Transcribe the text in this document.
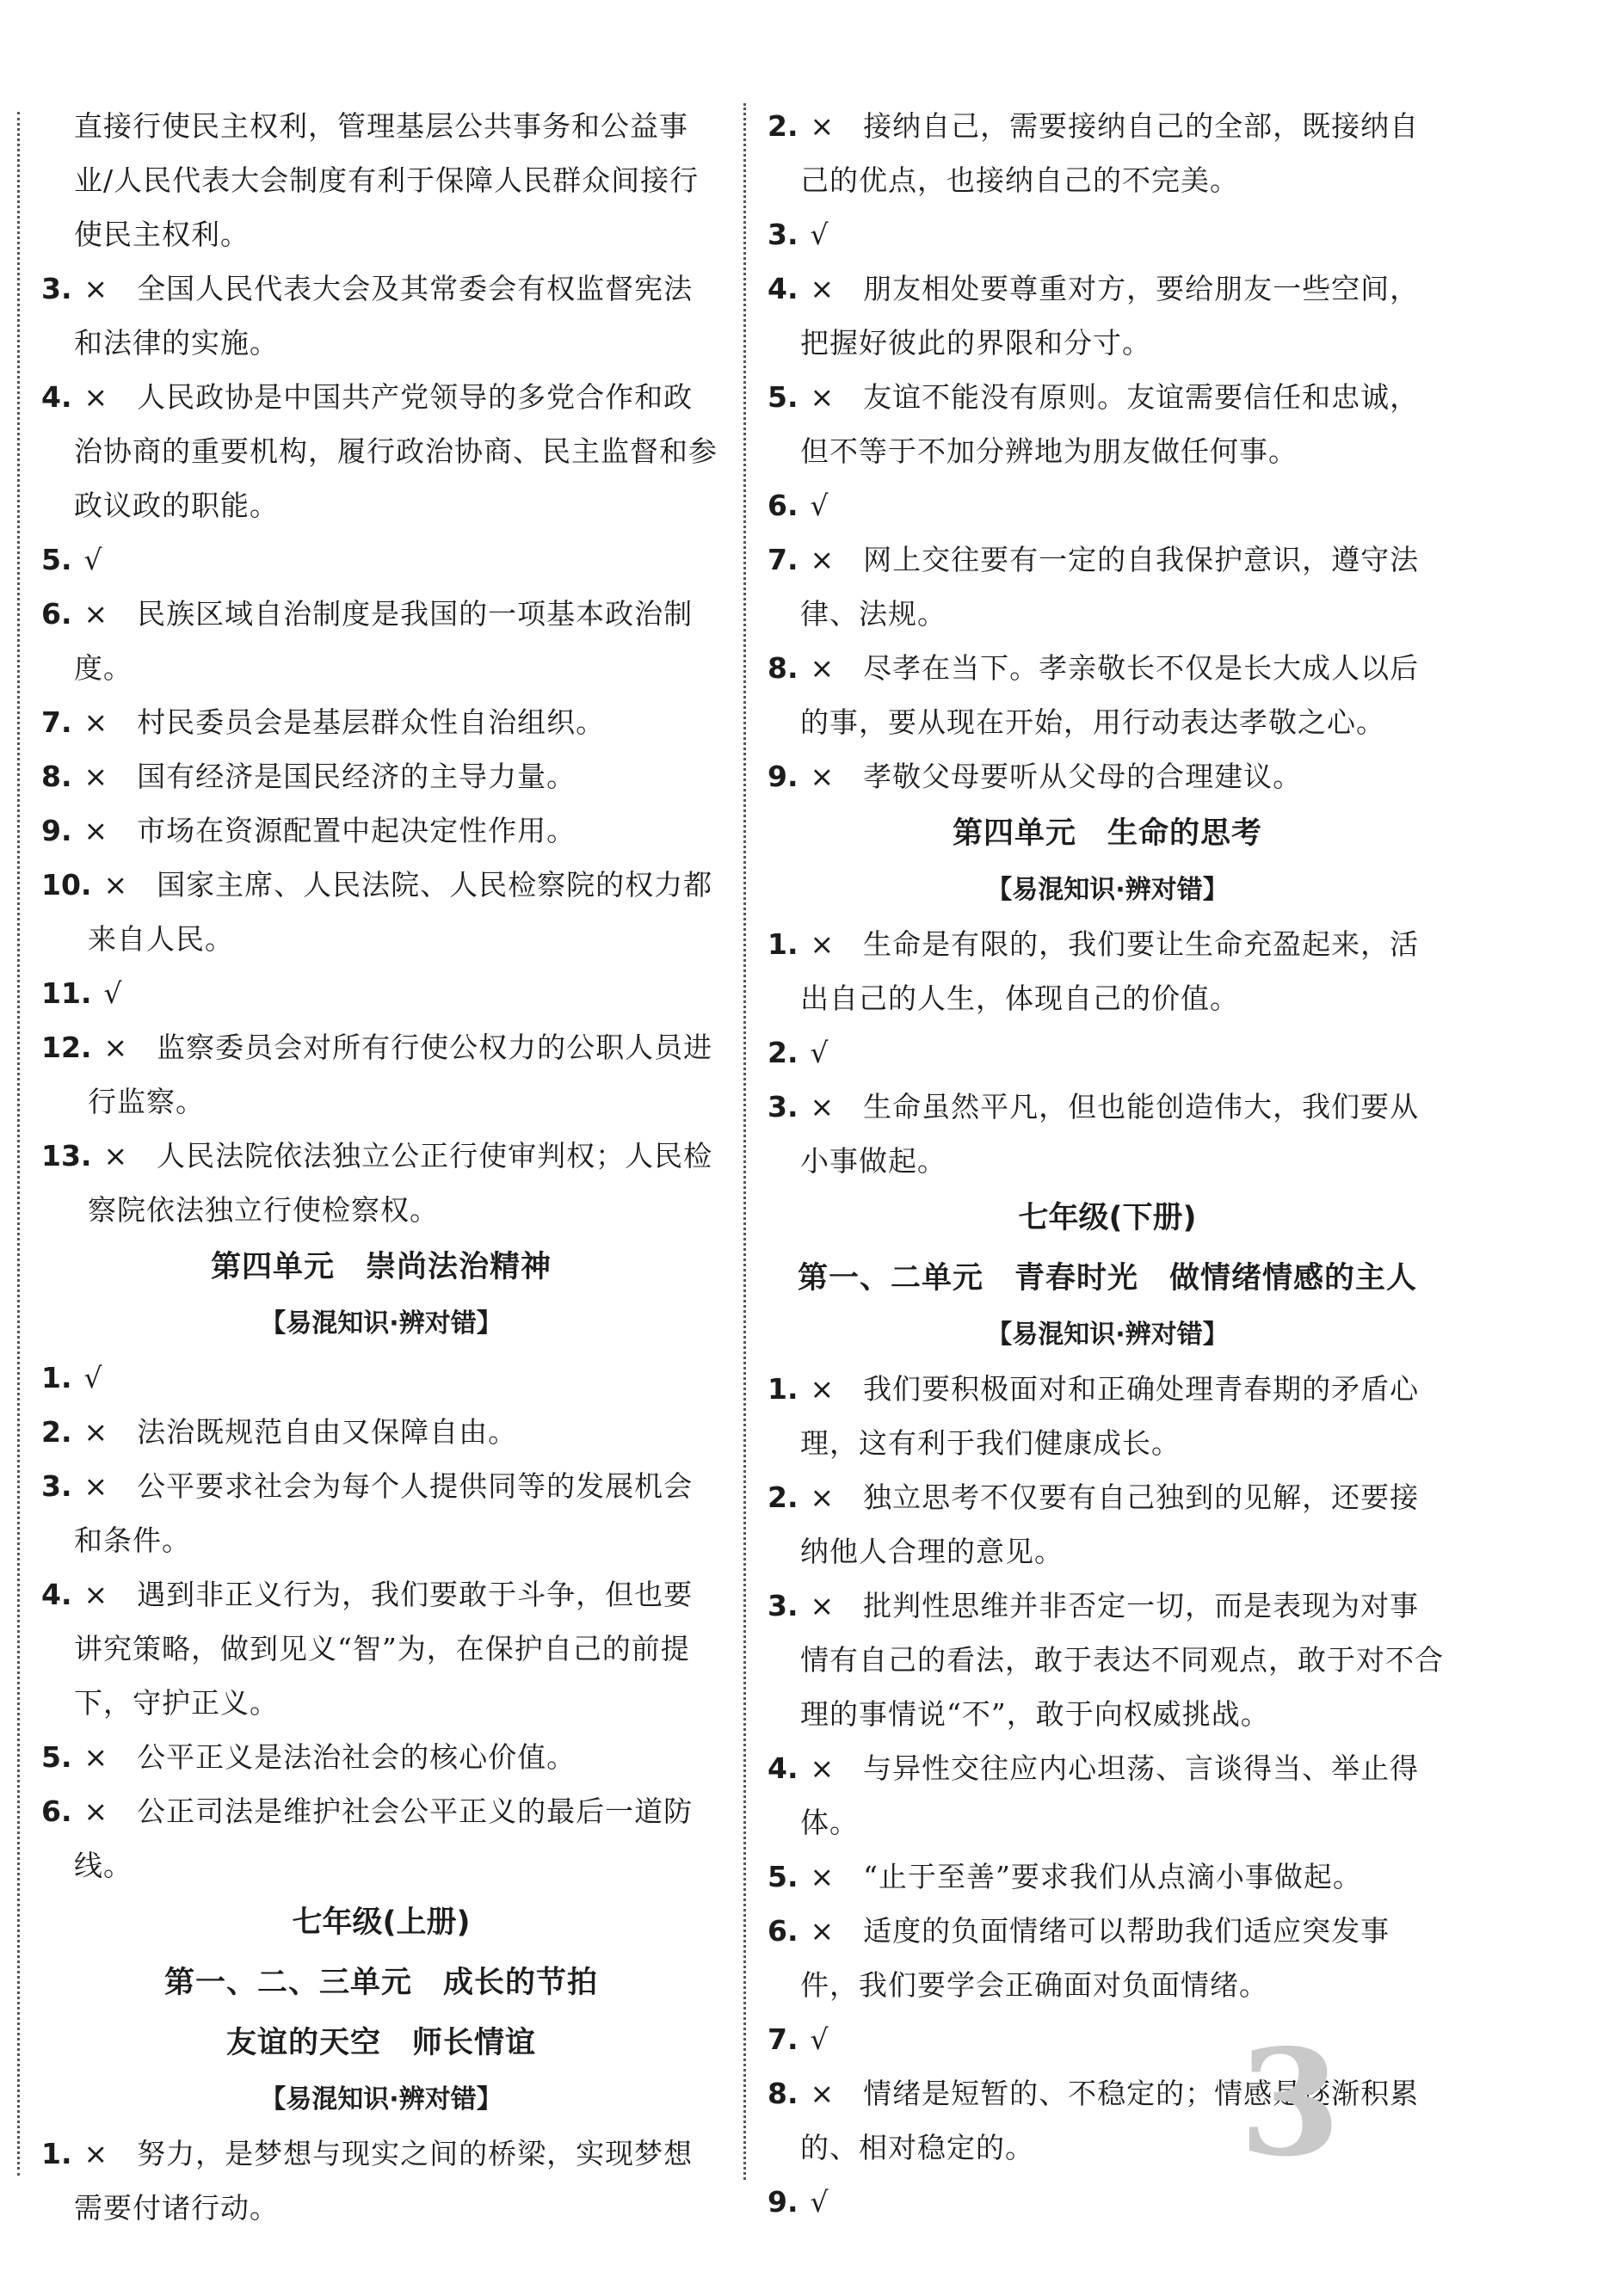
直接行使民主权利，管理基层公共事务和公益事业/人民代表大会制度有利于保障人民群众间接行使民主权利。
3. × 全国人民代表大会及其常委会有权监督宪法和法律的实施。
4. × 人民政协是中国共产党领导的多党合作和政治协商的重要机构，履行政治协商、民主监督和参政议政的职能。
5. √
6. × 民族区域自治制度是我国的一项基本政治制度。
7. × 村民委员会是基层群众性自治组织。
8. × 国有经济是国民经济的主导力量。
9. × 市场在资源配置中起决定性作用。
10. × 国家主席、人民法院、人民检察院的权力都来自人民。
11. √
12. × 监察委员会对所有行使公权力的公职人员进行监察。
13. × 人民法院依法独立公正行使审判权；人民检察院依法独立行使检察权。
第四单元　崇尚法治精神
【易混知识·辨对错】
1. √
2. × 法治既规范自由又保障自由。
3. × 公平要求社会为每个人提供同等的发展机会和条件。
4. × 遇到非正义行为，我们要敢于斗争，但也要讲究策略，做到见义“智”为，在保护自己的前提下，守护正义。
5. × 公平正义是法治社会的核心价值。
6. × 公正司法是维护社会公平正义的最后一道防线。
七年级(上册)
第一、二、三单元　成长的节拍
友谊的天空　师长情谊
【易混知识·辨对错】
1. × 努力，是梦想与现实之间的桥梁，实现梦想需要付诸行动。
2. × 接纳自己，需要接纳自己的全部，既接纳自己的优点，也接纳自己的不完美。
3. √
4. × 朋友相处要尊重对方，要给朋友一些空间，把握好彼此的界限和分寸。
5. × 友谊不能没有原则。友谊需要信任和忠诚，但不等于不加分辨地为朋友做任何事。
6. √
7. × 网上交往要有一定的自我保护意识，遵守法律、法规。
8. × 尽孝在当下。孝亲敬长不仅是长大成人以后的事，要从现在开始，用行动表达孝敬之心。
9. × 孝敬父母要听从父母的合理建议。
第四单元　生命的思考
【易混知识·辨对错】
1. × 生命是有限的，我们要让生命充盈起来，活出自己的人生，体现自己的价值。
2. √
3. × 生命虽然平凡，但也能创造伟大，我们要从小事做起。
七年级(下册)
第一、二单元　青春时光　做情绪情感的主人
【易混知识·辨对错】
1. × 我们要积极面对和正确处理青春期的矛盾心理，这有利于我们健康成长。
2. × 独立思考不仅要有自己独到的见解，还要接纳他人合理的意见。
3. × 批判性思维并非否定一切，而是表现为对事情有自己的看法，敢于表达不同观点，敢于对不合理的事情说“不”，敢于向权威挑战。
4. × 与异性交往应内心坦荡、言谈得当、举止得体。
5. × “止于至善”要求我们从点滴小事做起。
6. × 适度的负面情绪可以帮助我们适应突发事件，我们要学会正确面对负面情绪。
7. √
8. × 情绪是短暂的、不稳定的；情感是逐渐积累的、相对稳定的。
9. √
3
